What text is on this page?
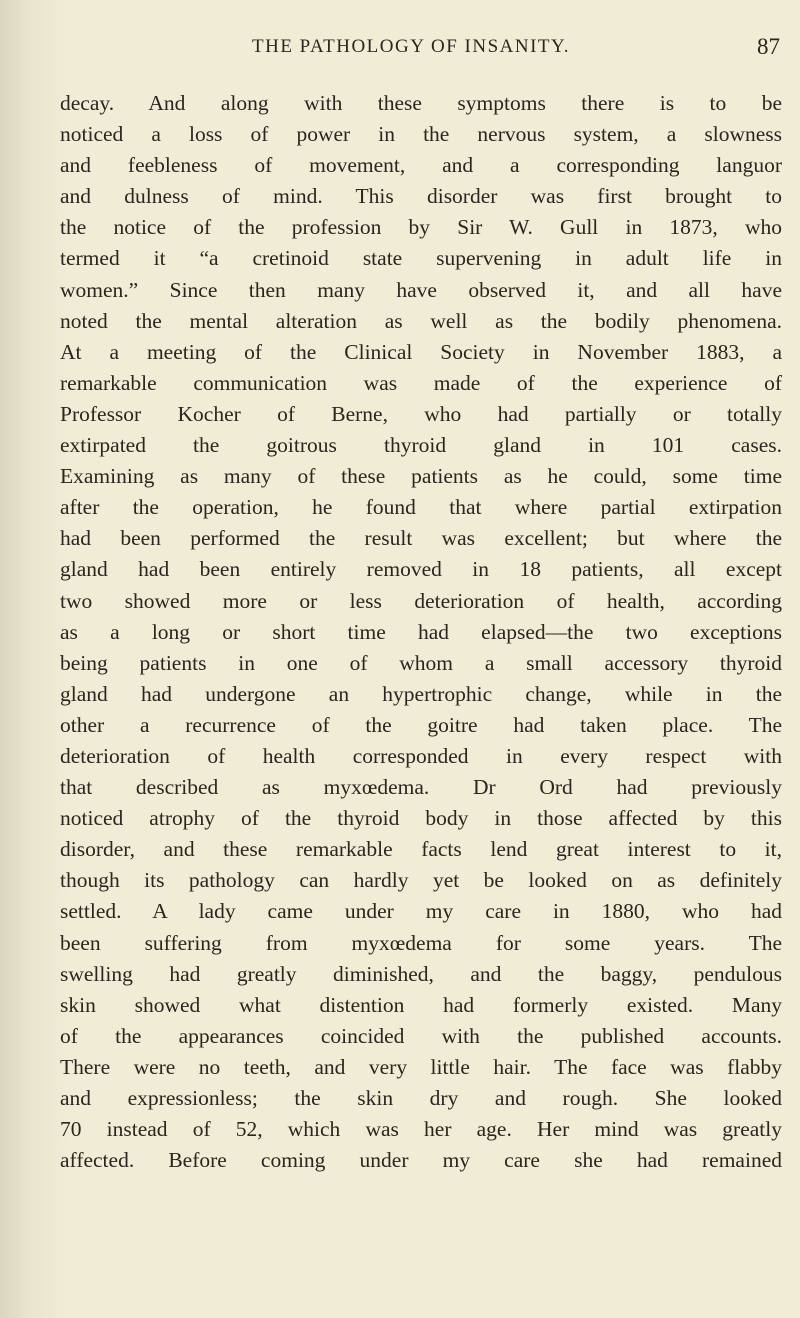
THE PATHOLOGY OF INSANITY.	87
decay. And along with these symptoms there is to be
noticed a loss of power in the nervous system, a slowness
and feebleness of movement, and a corresponding languor
and dulness of mind. This disorder was first brought to
the notice of the profession by Sir W. Gull in 1873, who
termed it “a cretinoid state supervening in adult life in
women.” Since then many have observed it, and all have
noted the mental alteration as well as the bodily phenomena.
At a meeting of the Clinical Society in November 1883, a
remarkable communication was made of the experience of
Professor Kocher of Berne, who had partially or totally
extirpated the goitrous thyroid gland in 101 cases.
Examining as many of these patients as he could, some time
after the operation, he found that where partial extirpation
had been performed the result was excellent; but where the
gland had been entirely removed in 18 patients, all except
two showed more or less deterioration of health, according
as a long or short time had elapsed—the two exceptions
being patients in one of whom a small accessory thyroid
gland had undergone an hypertrophic change, while in the
other a recurrence of the goitre had taken place. The
deterioration of health corresponded in every respect with
that described as myxœdema. Dr Ord had previously
noticed atrophy of the thyroid body in those affected by this
disorder, and these remarkable facts lend great interest to it,
though its pathology can hardly yet be looked on as definitely
settled. A lady came under my care in 1880, who had
been suffering from myxœdema for some years. The
swelling had greatly diminished, and the baggy, pendulous
skin showed what distention had formerly existed. Many
of the appearances coincided with the published accounts.
There were no teeth, and very little hair. The face was flabby
and expressionless; the skin dry and rough. She looked
70 instead of 52, which was her age. Her mind was greatly
affected. Before coming under my care she had remained
